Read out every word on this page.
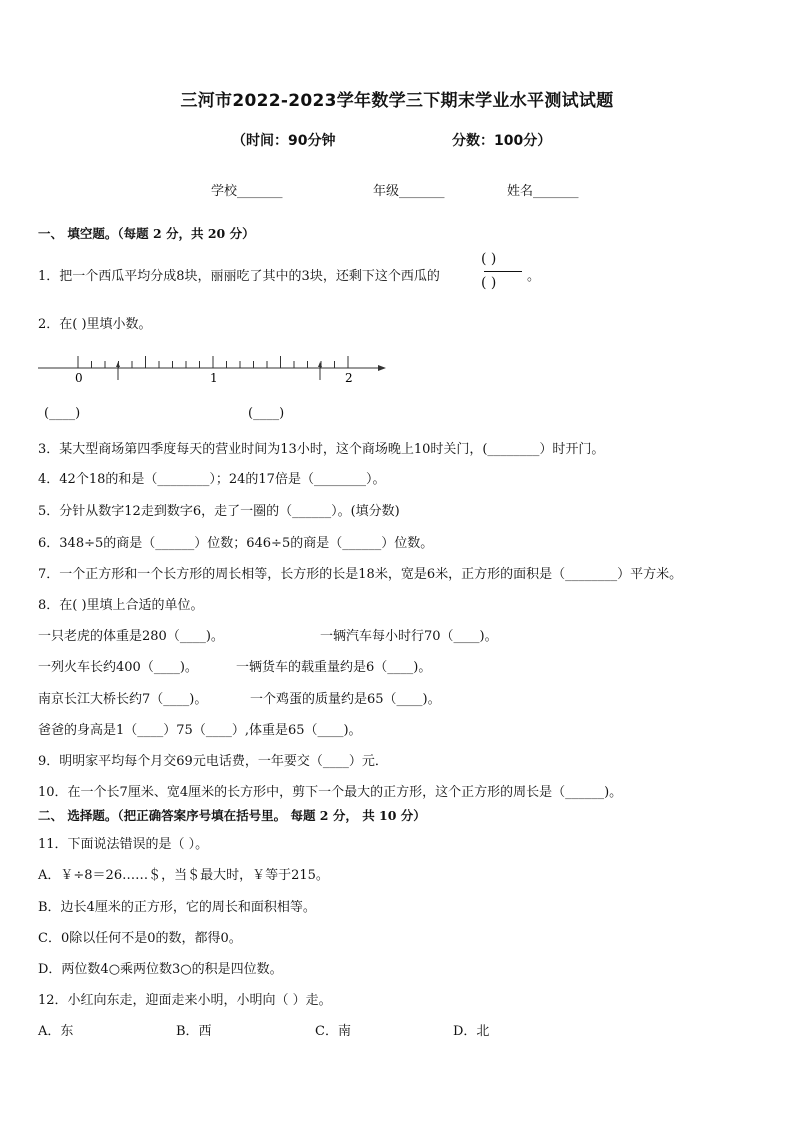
三河市2022-2023学年数学三下期末学业水平测试试题
（时间：90分钟	分数：100分）
学校_______	年级_______	姓名_______
一、 填空题。（每题 2 分，共 20 分）
1．把一个西瓜平均分成8块，丽丽吃了其中的3块，还剩下这个西瓜的
( )
( ) 。
2．在( )里填小数。
0	1	2
(____)	(____)
3．某大型商场第四季度每天的营业时间为13小时，这个商场晚上10时关门，(________）时开门。
4．42个18的和是（________）；24的17倍是（________）。
5．分针从数字12走到数字6，走了一圈的（______）。(填分数)
6．348÷5的商是（______）位数；646÷5的商是（______）位数。
7．一个正方形和一个长方形的周长相等，长方形的长是18米，宽是6米，正方形的面积是（________）平方米。
8．在( )里填上合适的单位。
一只老虎的体重是280（____)。	一辆汽车每小时行70（____)。
一列火车长约400（____)。	一辆货车的载重量约是6（____)。
南京长江大桥长约7（____)。	一个鸡蛋的质量约是65（____)。
爸爸的身高是1（____）75（____）,体重是65（____)。
9．明明家平均每个月交69元电话费，一年要交（____）元．
10．在一个长7厘米、宽4厘米的长方形中，剪下一个最大的正方形，这个正方形的周长是（______)。
二、 选择题。（把正确答案序号填在括号里。 每题 2 分， 共 10 分）
11．下面说法错误的是（ ）。
A．￥÷8＝26……＄，当＄最大时，￥等于215。
B．边长4厘米的正方形，它的周长和面积相等。
C．0除以任何不是0的数，都得0。
D．两位数4○乘两位数3○的积是四位数。
12．小红向东走，迎面走来小明，小明向（ ）走。
A．东	B．西	C．南	D．北
